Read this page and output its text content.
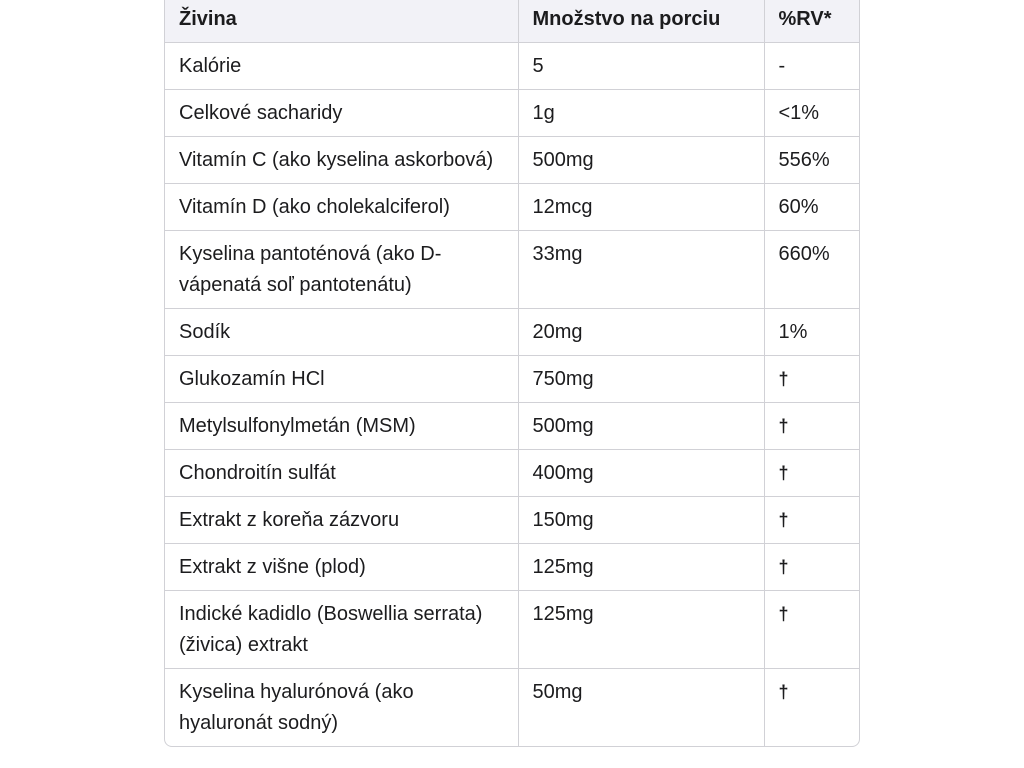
Živina	Množstvo na porciu	%RV*
Kalórie	5	-
Celkové sacharidy	1g	<1%
Vitamín C (ako kyselina askorbová)	500mg	556%
Vitamín D (ako cholekalciferol)	12mcg	60%
Kyselina pantoténová (ako D-vápenatá soľ pantotenátu)	33mg	660%
Sodík	20mg	1%
Glukozamín HCl	750mg	†
Metylsulfonylmetán (MSM)	500mg	†
Chondroitín sulfát	400mg	†
Extrakt z koreňa zázvoru	150mg	†
Extrakt z višne (plod)	125mg	†
Indické kadidlo (Boswellia serrata) (živica) extrakt	125mg	†
Kyselina hyalurónová (ako hyaluronát sodný)	50mg	†
